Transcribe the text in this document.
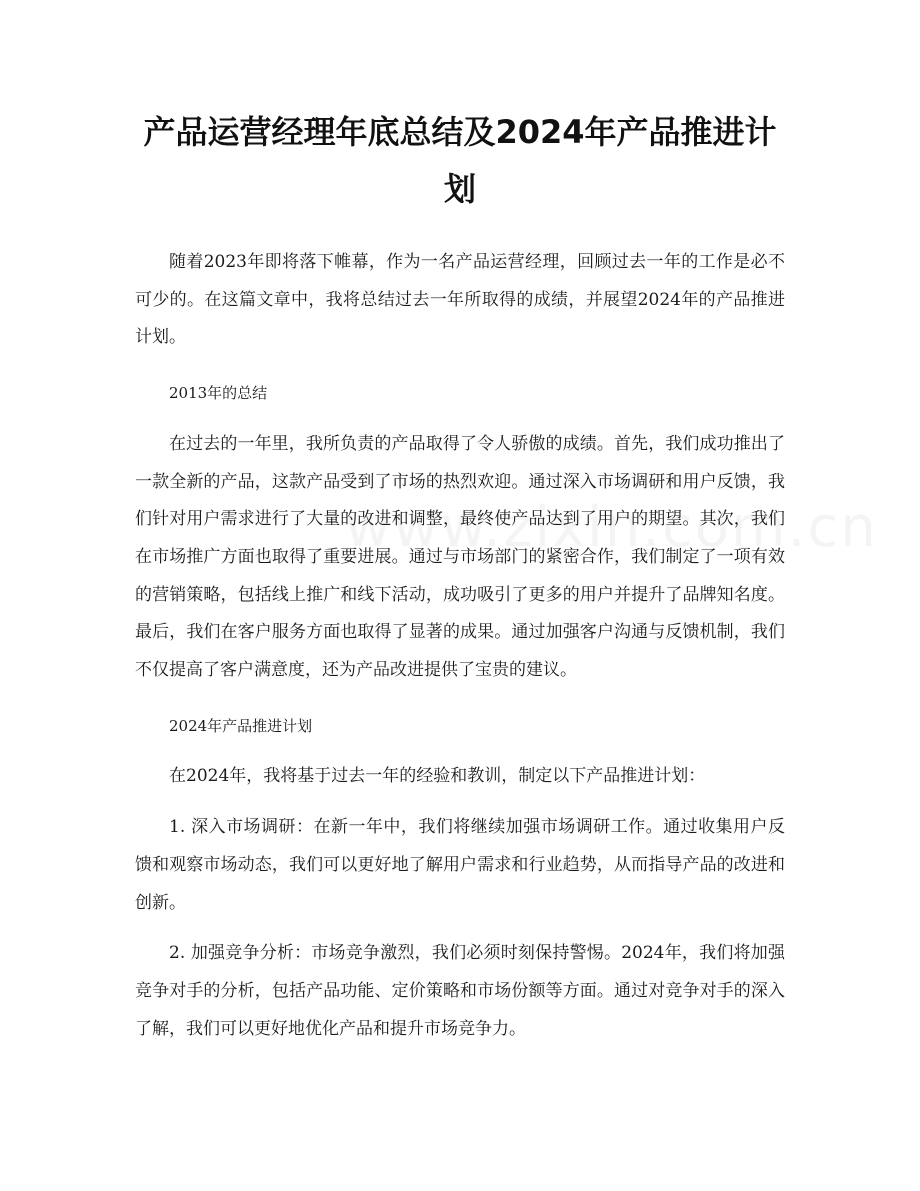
产品运营经理年底总结及2024年产品推进计划

随着2023年即将落下帷幕，作为一名产品运营经理，回顾过去一年的工作是必不可少的。在这篇文章中，我将总结过去一年所取得的成绩，并展望2024年的产品推进计划。

2013年的总结

在过去的一年里，我所负责的产品取得了令人骄傲的成绩。首先，我们成功推出了一款全新的产品，这款产品受到了市场的热烈欢迎。通过深入市场调研和用户反馈，我们针对用户需求进行了大量的改进和调整，最终使产品达到了用户的期望。其次，我们在市场推广方面也取得了重要进展。通过与市场部门的紧密合作，我们制定了一项有效的营销策略，包括线上推广和线下活动，成功吸引了更多的用户并提升了品牌知名度。最后，我们在客户服务方面也取得了显著的成果。通过加强客户沟通与反馈机制，我们不仅提高了客户满意度，还为产品改进提供了宝贵的建议。

2024年产品推进计划

在2024年，我将基于过去一年的经验和教训，制定以下产品推进计划：

1. 深入市场调研：在新一年中，我们将继续加强市场调研工作。通过收集用户反馈和观察市场动态，我们可以更好地了解用户需求和行业趋势，从而指导产品的改进和创新。

2. 加强竞争分析：市场竞争激烈，我们必须时刻保持警惕。2024年，我们将加强竞争对手的分析，包括产品功能、定价策略和市场份额等方面。通过对竞争对手的深入了解，我们可以更好地优化产品和提升市场竞争力。
